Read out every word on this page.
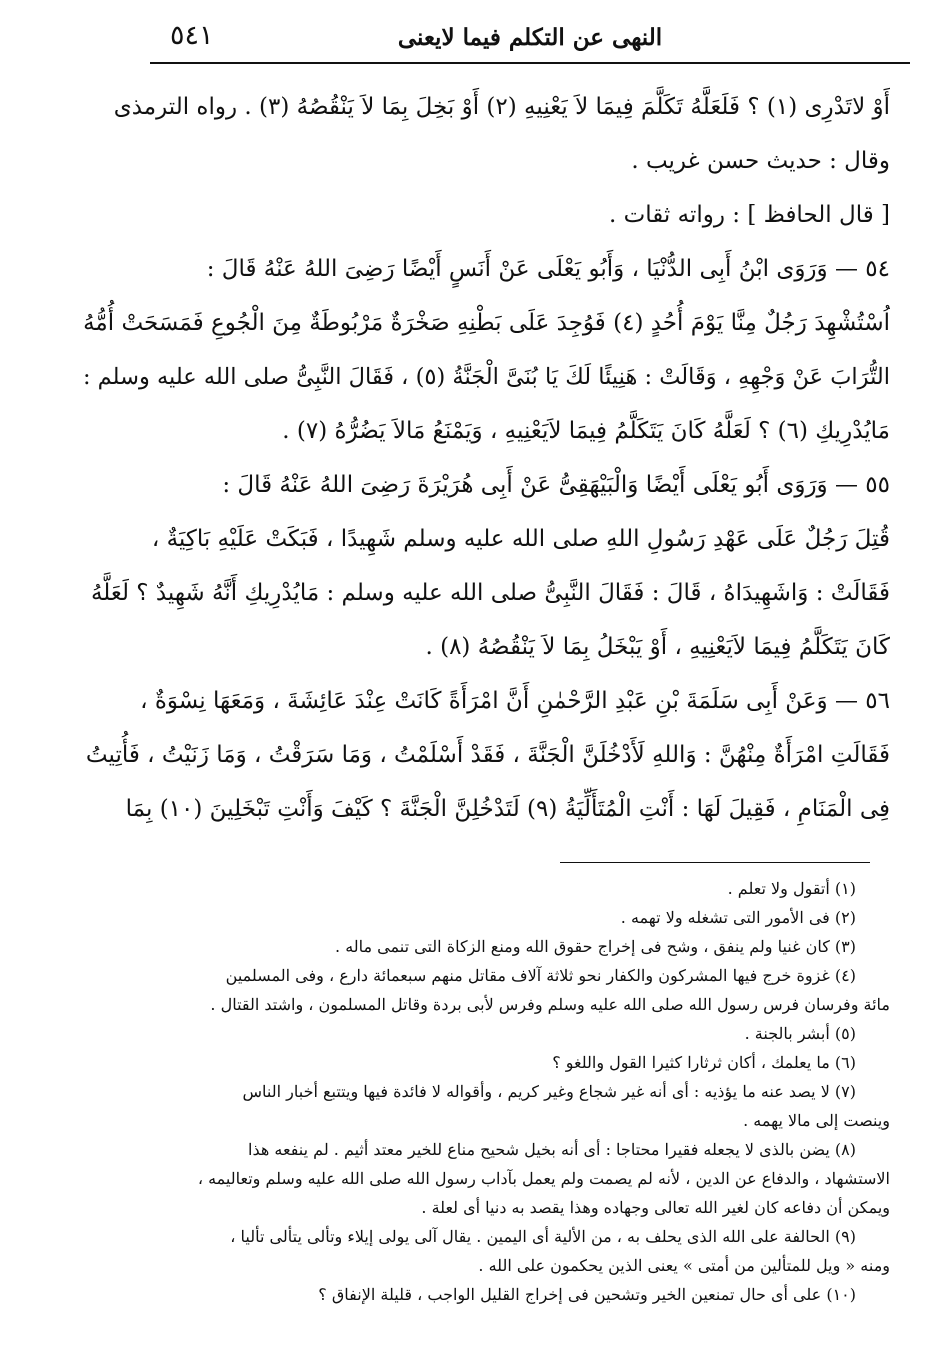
٥٤١	النهى عن التكلم فيما لايعنى
أَوْ لاتَدْرِى (١) ؟ فَلَعَلَّهُ تَكَلَّمَ فِيمَا لاَ يَعْنِيهِ (٢) أَوْ بَخِلَ بِمَا لاَ يَنْقُصُهُ (٣) . رواه الترمذى
وقال : حديث حسن غريب .
[ قال الحافظ ] : رواته ثقات .
٥٤ — وَرَوَى ابْنُ أَبِى الدُّنْيَا ، وَأَبُو يَعْلَى عَنْ أَنَسٍ أَيْضًا رَضِىَ اللهُ عَنْهُ قَالَ :
اُسْتُشْهِدَ رَجُلٌ مِنَّا يَوْمَ أُحُدٍ (٤) فَوُجِدَ عَلَى بَطْنِهِ صَخْرَةٌ مَرْبُوطَةٌ مِنَ الْجُوعِ فَمَسَحَتْ أُمُّهُ
التُّرَابَ عَنْ وَجْهِهِ ، وَقَالَتْ : هَنِيئًا لَكَ يَا بُنَىَّ الْجَنَّةُ (٥) ، فَقَالَ النَّبِىُّ صلى الله عليه وسلم :
مَايُدْرِيكِ (٦) ؟ لَعَلَّهُ كَانَ يَتَكَلَّمُ فِيمَا لاَيَعْنِيهِ ، وَيَمْنَعُ مَالاَ يَضُرُّهُ (٧) .
٥٥ — وَرَوَى أَبُو يَعْلَى أَيْضًا وَالْبَيْهَقِىُّ عَنْ أَبِى هُرَيْرَةَ رَضِىَ اللهُ عَنْهُ قَالَ :
قُتِلَ رَجُلٌ عَلَى عَهْدِ رَسُولِ اللهِ صلى الله عليه وسلم شَهِيدًا ، فَبَكَتْ عَلَيْهِ بَاكِيَةٌ ،
فَقَالَتْ : وَاشَهِيدَاهُ ، قَالَ : فَقَالَ النَّبِىُّ صلى الله عليه وسلم : مَايُدْرِيكِ أَنَّهُ شَهِيدٌ ؟ لَعَلَّهُ
كَانَ يَتَكَلَّمُ فِيمَا لاَيَعْنِيهِ ، أَوْ يَبْخَلُ بِمَا لاَ يَنْقُصُهُ (٨) .
٥٦ — وَعَنْ أَبِى سَلَمَةَ بْنِ عَبْدِ الرَّحْمٰنِ أَنَّ امْرَأَةً كَانَتْ عِنْدَ عَائِشَةَ ، وَمَعَهَا نِسْوَةٌ ،
فَقَالَتِ امْرَأَةٌ مِنْهُنَّ : وَاللهِ لَأَدْخُلَنَّ الْجَنَّةَ ، فَقَدْ أَسْلَمْتُ ، وَمَا سَرَقْتُ ، وَمَا زَنَيْتُ ، فَأُتِيتُ
فِى الْمَنَامِ ، فَقِيلَ لَهَا : أَنْتِ الْمُتَأَلِّيَةُ (٩) لَتَدْخُلِنَّ الْجَنَّةَ ؟ كَيْفَ وَأَنْتِ تَبْخَلِينَ (١٠) بِمَا
(١) أتقول ولا تعلم .
(٢) فى الأمور التى تشغله ولا تهمه .
(٣) كان غنيا ولم ينفق ، وشح فى إخراج حقوق الله ومنع الزكاة التى تنمى ماله .
(٤) غزوة خرج فيها المشركون والكفار نحو ثلاثة آلاف مقاتل منهم سبعمائة دارع ، وفى المسلمين
مائة وفرسان فرس رسول الله صلى الله عليه وسلم وفرس لأبى بردة وقاتل المسلمون ، واشتد القتال .
(٥) أبشر بالجنة .
(٦) ما يعلمك ، أكان ثرثارا كثيرا القول واللغو ؟
(٧) لا يصد عنه ما يؤذيه : أى أنه غير شجاع وغير كريم ، وأقواله لا فائدة فيها ويتتبع أخبار الناس
وينصت إلى مالا يهمه .
(٨) يضن بالذى لا يجعله فقيرا محتاجا : أى أنه بخيل شحيح مناع للخير معتد أثيم . لم ينفعه هذا
الاستشهاد ، والدفاع عن الدين ، لأنه لم يصمت ولم يعمل بآداب رسول الله صلى الله عليه وسلم وتعاليمه ،
ويمكن أن دفاعه كان لغير الله تعالى وجهاده وهذا يقصد به دنيا أى لعلة .
(٩) الحالفة على الله الذى يحلف به ، من الألية أى اليمين . يقال آلى يولى إيلاء وتألى يتألى تأليا ،
ومنه « ويل للمتألين من أمتى » يعنى الذين يحكمون على الله .
(١٠) على أى حال تمنعين الخير وتشحين فى إخراج القليل الواجب ، قليلة الإنفاق ؟
